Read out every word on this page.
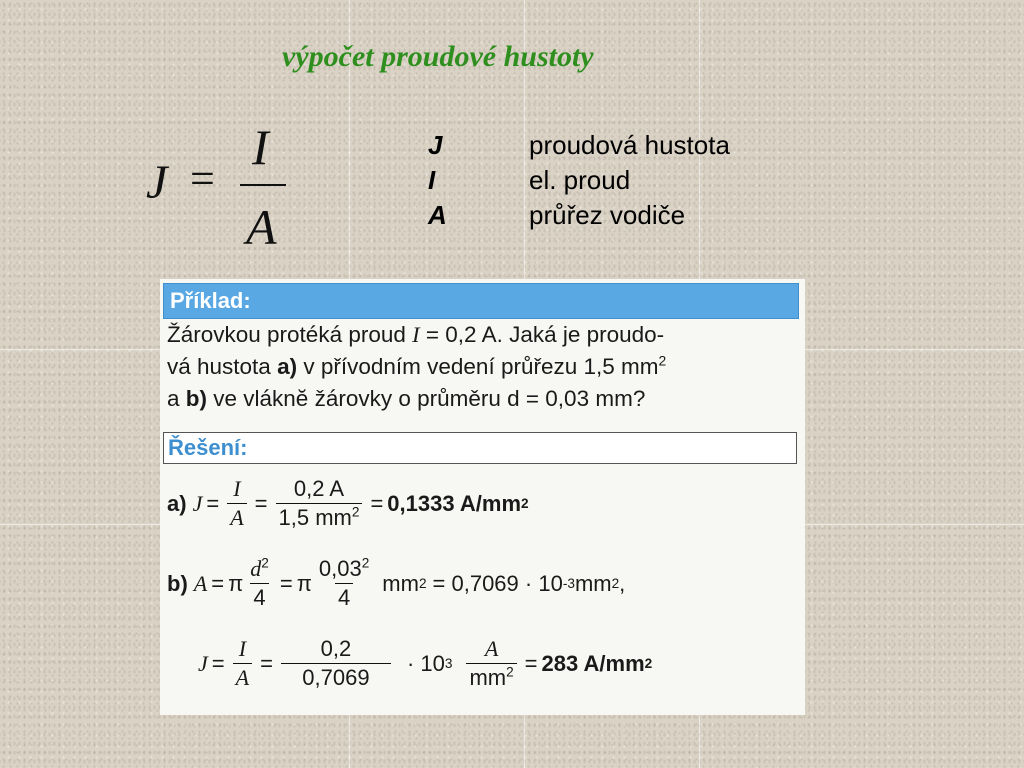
výpočet proudové hustoty
J =
I
A
J	proudová hustota
I	el. proud
A	průřez vodiče
Příklad:

Žárovkou protéká proud I = 0,2 A. Jaká je proudo-

vá hustota a) v přívodním vedení průřezu 1,5 $mm^2$

a b) ve vláknĕ žárovky o průměru d = 0,03 mm?

Řešení:
a) $J = \frac{I}{A} = \frac{0,2 A}{1,5 mm^2} = 0,1333$ A/mm 2
b) A = π $\frac{d^2}{4} = \pi \frac{0,03^2}{4}$ mm 2 = 0,7069 · 10 -3 mm 2 ,
$J = \frac{I}{A} = \frac{0,2}{0,7069} \cdot 10$ $3 \frac{A}{mm^2} = 283$ A/mm 2
